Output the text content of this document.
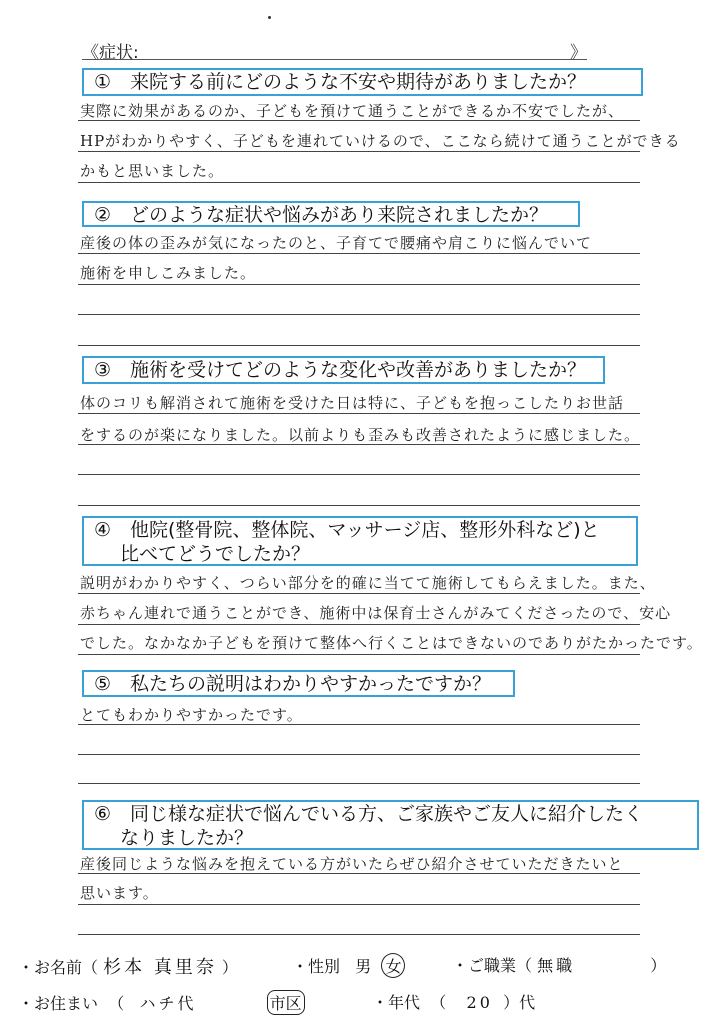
《症状:	》
① 来院する前にどのような不安や期待がありましたか？
実際に効果があるのか、子どもを預けて通うことができるか不安でしたが、
HPがわかりやすく、子どもを連れていけるので、ここなら続けて通うことができる
かもと思いました。
② どのような症状や悩みがあり来院されましたか？
産後の体の歪みが気になったのと、子育てで腰痛や肩こりに悩んでいて
施術を申しこみました。
③ 施術を受けてどのような変化や改善がありましたか？
体のコリも解消されて施術を受けた日は特に、子どもを抱っこしたりお世話
をするのが楽になりました。以前よりも歪みも改善されたように感じました。
④ 他院(整骨院、整体院、マッサージ店、整形外科など)と
比べてどうでしたか？
説明がわかりやすく、つらい部分を的確に当てて施術してもらえました。また、
赤ちゃん連れで通うことができ、施術中は保育士さんがみてくださったので、安心
でした。なかなか子どもを預けて整体へ行くことはできないのでありがたかったです。
⑤ 私たちの説明はわかりやすかったですか？
とてもわかりやすかったです。
⑥ 同じ様な症状で悩んでいる方、ご家族やご友人に紹介したく
なりましたか？
産後同じような悩みを抱えている方がいたらぜひ紹介させていただきたいと
思います。
・お名前（ 杉本 真里奈 ）	・性別 男 女	・ご職業（ 無職	）
・お住まい  （   ハチ代	市区	・年代  （    20  ）代
